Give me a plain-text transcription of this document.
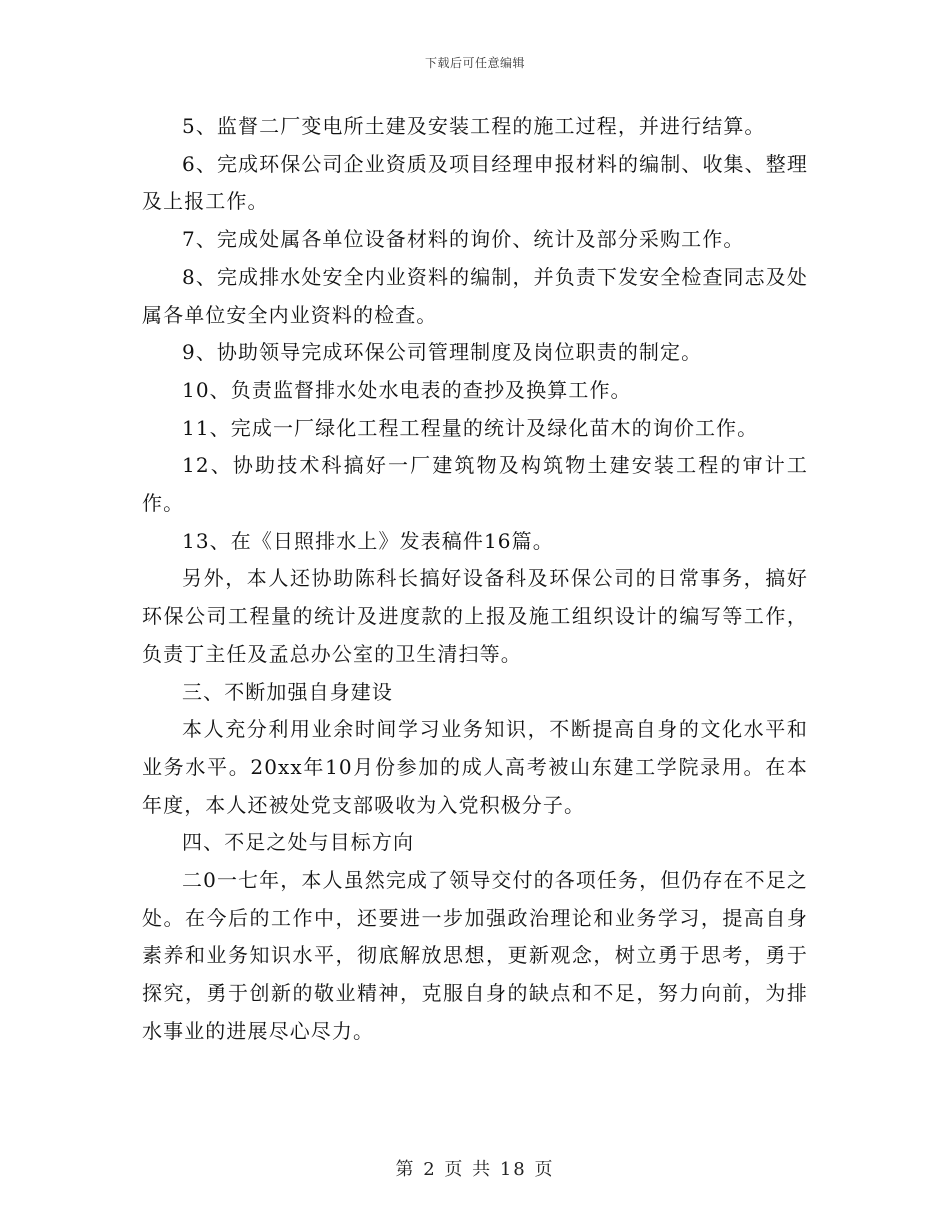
下载后可任意编辑

5、监督二厂变电所土建及安装工程的施工过程，并进行结算。

6、完成环保公司企业资质及项目经理申报材料的编制、收集、整理及上报工作。

7、完成处属各单位设备材料的询价、统计及部分采购工作。

8、完成排水处安全内业资料的编制，并负责下发安全检查同志及处属各单位安全内业资料的检查。

9、协助领导完成环保公司管理制度及岗位职责的制定。

10、负责监督排水处水电表的查抄及换算工作。

11、完成一厂绿化工程工程量的统计及绿化苗木的询价工作。

12、协助技术科搞好一厂建筑物及构筑物土建安装工程的审计工作。

13、在《日照排水上》发表稿件16篇。

另外，本人还协助陈科长搞好设备科及环保公司的日常事务，搞好环保公司工程量的统计及进度款的上报及施工组织设计的编写等工作，负责丁主任及孟总办公室的卫生清扫等。

三、不断加强自身建设

本人充分利用业余时间学习业务知识，不断提高自身的文化水平和业务水平。20xx年10月份参加的成人高考被山东建工学院录用。在本年度，本人还被处党支部吸收为入党积极分子。

四、不足之处与目标方向

二0一七年，本人虽然完成了领导交付的各项任务，但仍存在不足之处。在今后的工作中，还要进一步加强政治理论和业务学习，提高自身素养和业务知识水平，彻底解放思想，更新观念，树立勇于思考，勇于探究，勇于创新的敬业精神，克服自身的缺点和不足，努力向前，为排水事业的进展尽心尽力。

第 2 页 共 18 页
